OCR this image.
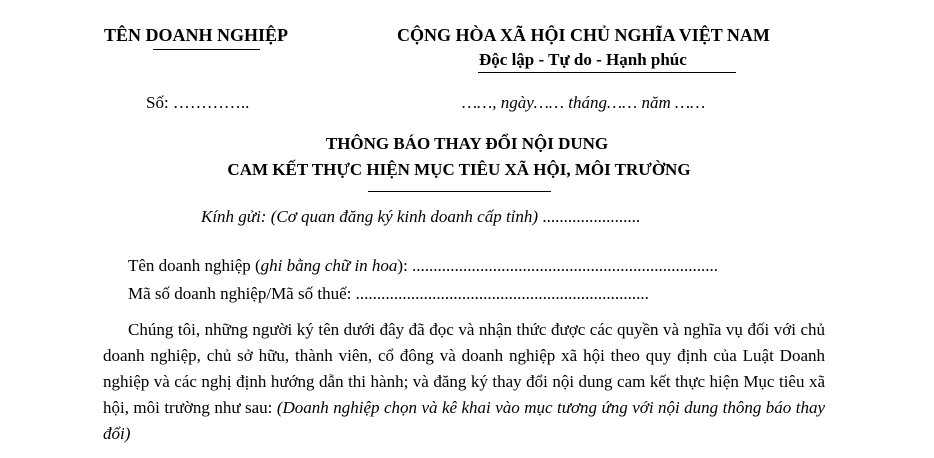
TÊN DOANH NGHIỆP	CỘNG HÒA XÃ HỘI CHỦ NGHĨA VIỆT NAM
Độc lập - Tự do - Hạnh phúc
Số: …………..	……, ngày…… tháng…… năm ……
THÔNG BÁO THAY ĐỔI NỘI DUNG
CAM KẾT THỰC HIỆN MỤC TIÊU XÃ HỘI, MÔI TRƯỜNG
Kính gửi: (Cơ quan đăng ký kinh doanh cấp tỉnh) .......................
Tên doanh nghiệp (ghi bằng chữ in hoa): ........................................................................
Mã số doanh nghiệp/Mã số thuế: .....................................................................
Chúng tôi, những người ký tên dưới đây đã đọc và nhận thức được các quyền và nghĩa vụ đối với chủ doanh nghiệp, chủ sở hữu, thành viên, cổ đông và doanh nghiệp xã hội theo quy định của Luật Doanh nghiệp và các nghị định hướng dẫn thi hành; và đăng ký thay đổi nội dung cam kết thực hiện Mục tiêu xã hội, môi trường như sau: (Doanh nghiệp chọn và kê khai vào mục tương ứng với nội dung thông báo thay đổi)
